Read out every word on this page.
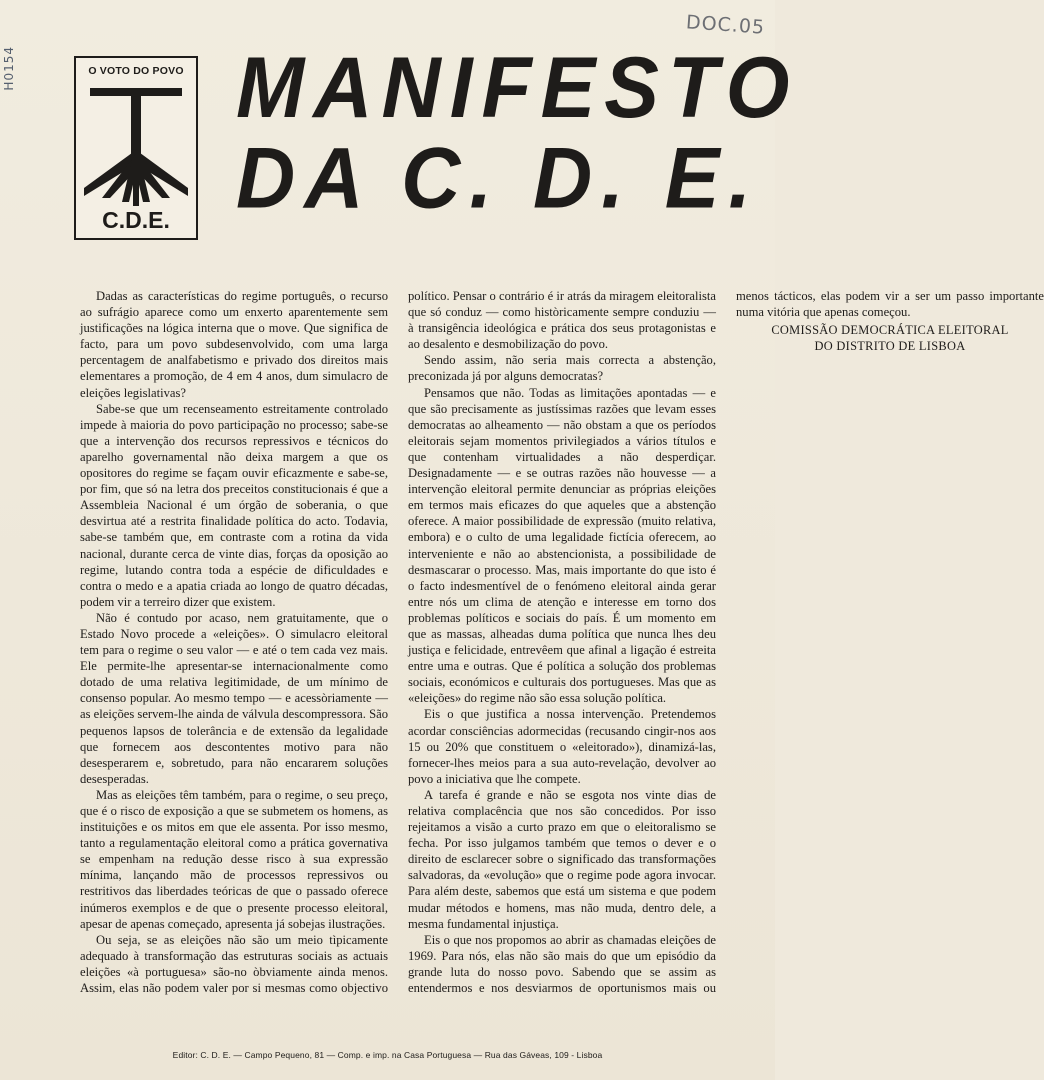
DOC.05
H0154	O VOTO DO POVO
C.D.E.
MANIFESTO
DA C. D. E.

Dadas as características do regime português, o recurso ao sufrágio aparece como um enxerto aparentemente sem justificações na lógica interna que o move. Que significa de facto, para um povo subdesenvolvido, com uma larga percentagem de analfabetismo e privado dos direitos mais elementares a promoção, de 4 em 4 anos, dum simulacro de eleições legislativas?

Sabe-se que um recenseamento estreitamente controlado impede à maioria do povo participação no processo; sabe-se que a intervenção dos recursos repressivos e técnicos do aparelho governamental não deixa margem a que os opositores do regime se façam ouvir eficazmente e sabe-se, por fim, que só na letra dos preceitos constitucionais é que a Assembleia Nacional é um órgão de soberania, o que desvirtua até a restrita finalidade política do acto. Todavia, sabe-se também que, em contraste com a rotina da vida nacional, durante cerca de vinte dias, forças da oposição ao regime, lutando contra toda a espécie de dificuldades e contra o medo e a apatia criada ao longo de quatro décadas, podem vir a terreiro dizer que existem.

Não é contudo por acaso, nem gratuitamente, que o Estado Novo procede a «eleições». O simulacro eleitoral tem para o regime o seu valor — e até o tem cada vez mais. Ele permite-lhe apresentar-se internacionalmente como dotado de uma relativa legitimidade, de um mínimo de consenso popular. Ao mesmo tempo — e acessòriamente — as eleições servem-lhe ainda de válvula descompressora. São pequenos lapsos de tolerância e de extensão da legalidade que fornecem aos descontentes motivo para não desesperarem e, sobretudo, para não encararem soluções desesperadas.

Mas as eleições têm também, para o regime, o seu preço, que é o risco de exposição a que se submetem os homens, as instituições e os mitos em que ele assenta. Por isso mesmo, tanto a regulamentação eleitoral como a prática governativa se empenham na redução desse risco à sua expressão mínima, lançando mão de processos repressivos ou restritivos das liberdades teóricas de que o passado oferece inúmeros exemplos e de que o presente processo eleitoral, apesar de apenas começado, apresenta já sobejas ilustrações.

Ou seja, se as eleições não são um meio tìpicamente adequado à transformação das estruturas sociais as actuais eleições «à portuguesa» são-no òbviamente ainda menos. Assim, elas não podem valer por si mesmas como objectivo político. Pensar o contrário é ir atrás da miragem eleitoralista que só conduz — como històricamente sempre conduziu — à transigência ideológica e prática dos seus protagonistas e ao desalento e desmobilização do povo.

Sendo assim, não seria mais correcta a abstenção, preconizada já por alguns democratas?

Pensamos que não. Todas as limitações apontadas — e que são precisamente as justíssimas razões que levam esses democratas ao alheamento — não obstam a que os períodos eleitorais sejam momentos privilegiados a vários títulos e que contenham virtualidades a não desperdiçar. Designadamente — e se outras razões não houvesse — a intervenção eleitoral permite denunciar as próprias eleições em termos mais eficazes do que aqueles que a abstenção oferece. A maior possibilidade de expressão (muito relativa, embora) e o culto de uma legalidade fictícia oferecem, ao interveniente e não ao abstencionista, a possibilidade de desmascarar o processo. Mas, mais importante do que isto é o facto indesmentível de o fenómeno eleitoral ainda gerar entre nós um clima de atenção e interesse em torno dos problemas políticos e sociais do país. É um momento em que as massas, alheadas duma política que nunca lhes deu justiça e felicidade, entrevêem que afinal a ligação é estreita entre uma e outras. Que é política a solução dos problemas sociais, económicos e culturais dos portugueses. Mas que as «eleições» do regime não são essa solução política.

Eis o que justifica a nossa intervenção. Pretendemos acordar consciências adormecidas (recusando cingir-nos aos 15 ou 20% que constituem o «eleitorado»), dinamizá-las, fornecer-lhes meios para a sua auto-revelação, devolver ao povo a iniciativa que lhe compete.

A tarefa é grande e não se esgota nos vinte dias de relativa complacência que nos são concedidos. Por isso rejeitamos a visão a curto prazo em que o eleitoralismo se fecha. Por isso julgamos também que temos o dever e o direito de esclarecer sobre o significado das transformações salvadoras, da «evolução» que o regime pode agora invocar. Para além deste, sabemos que está um sistema e que podem mudar métodos e homens, mas não muda, dentro dele, a mesma fundamental injustiça.

Eis o que nos propomos ao abrir as chamadas eleições de 1969. Para nós, elas não são mais do que um episódio da grande luta do nosso povo. Sabendo que se assim as entendermos e nos desviarmos de oportunismos mais ou menos tácticos, elas podem vir a ser um passo importante numa vitória que apenas começou.

COMISSÃO DEMOCRÁTICA ELEITORAL
DO DISTRITO DE LISBOA
Editor: C. D. E. — Campo Pequeno, 81 — Comp. e imp. na Casa Portuguesa — Rua das Gáveas, 109 - Lisboa
